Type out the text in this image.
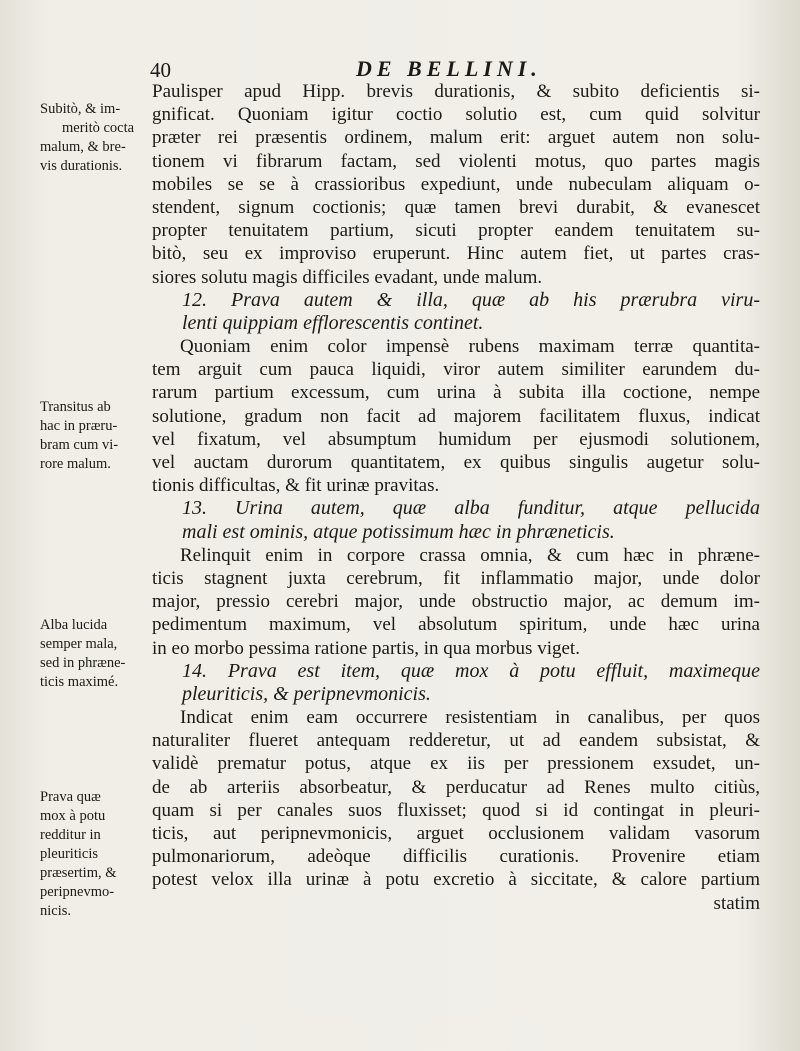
40	DE BELLINI.
Subitò, & im-
meritò cocta
malum, & bre-
vis durationis.
Transitus ab
hac in præru-
bram cum vi-
rore malum.
Alba lucida
semper mala,
sed in phræne-
ticis maximé.
Prava quæ
mox à potu
redditur in
pleuriticis
præsertim, &
peripnevmo-
nicis.
Paulisper apud Hipp. brevis durationis, & subito deficientis si-
gnificat. Quoniam igitur coctio solutio est, cum quid solvitur
præter rei præsentis ordinem, malum erit: arguet autem non solu-
tionem vi fibrarum factam, sed violenti motus, quo partes magis
mobiles se se à crassioribus expediunt, unde nubeculam aliquam o-
stendent, signum coctionis; quæ tamen brevi durabit, & evanescet
propter tenuitatem partium, sicuti propter eandem tenuitatem su-
bitò, seu ex improviso eruperunt. Hinc autem fiet, ut partes cras-
siores solutu magis difficiles evadant, unde malum.
12. Prava autem & illa, quæ ab his prærubra viru-
lenti quippiam efflorescentis continet.
Quoniam enim color impensè rubens maximam terræ quantita-
tem arguit cum pauca liquidi, viror autem similiter earundem du-
rarum partium excessum, cum urina à subita illa coctione, nempe
solutione, gradum non facit ad majorem facilitatem fluxus, indicat
vel fixatum, vel absumptum humidum per ejusmodi solutionem,
vel auctam durorum quantitatem, ex quibus singulis augetur solu-
tionis difficultas, & fit urinæ pravitas.
13. Urina autem, quæ alba funditur, atque pellucida
mali est ominis, atque potissimum hæc in phræneticis.
Relinquit enim in corpore crassa omnia, & cum hæc in phræne-
ticis stagnent juxta cerebrum, fit inflammatio major, unde dolor
major, pressio cerebri major, unde obstructio major, ac demum im-
pedimentum maximum, vel absolutum spiritum, unde hæc urina
in eo morbo pessima ratione partis, in qua morbus viget.
14. Prava est item, quæ mox à potu effluit, maximeque
pleuriticis, & peripnevmonicis.
Indicat enim eam occurrere resistentiam in canalibus, per quos
naturaliter flueret antequam redderetur, ut ad eandem subsistat, &
validè prematur potus, atque ex iis per pressionem exsudet, un-
de ab arteriis absorbeatur, & perducatur ad Renes multo citiùs,
quam si per canales suos fluxisset; quod si id contingat in pleuri-
ticis, aut peripnevmonicis, arguet occlusionem validam vasorum
pulmonariorum, adeòque difficilis curationis. Provenire etiam
potest velox illa urinæ à potu excretio à siccitate, & calore partium
statim
